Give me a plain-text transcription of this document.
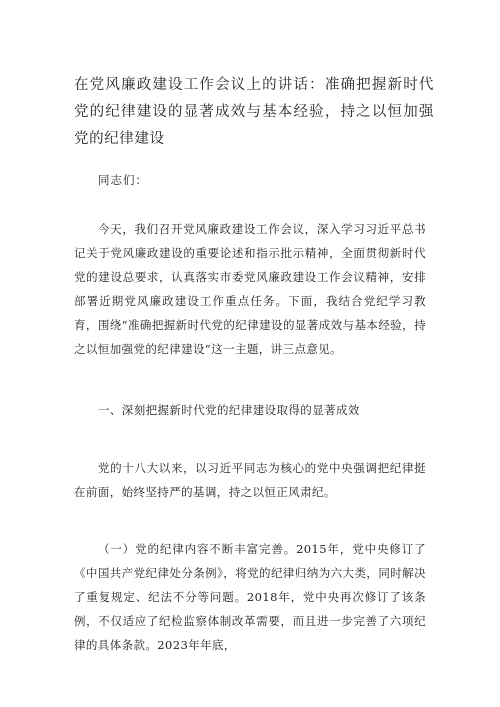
在党风廉政建设工作会议上的讲话：准确把握新时代党的纪律建设的显著成效与基本经验，持之以恒加强党的纪律建设
同志们：
今天，我们召开党风廉政建设工作会议，深入学习习近平总书记关于党风廉政建设的重要论述和指示批示精神，全面贯彻新时代党的建设总要求，认真落实市委党风廉政建设工作会议精神，安排部署近期党风廉政建设工作重点任务。下面，我结合党纪学习教育，围绕“准确把握新时代党的纪律建设的显著成效与基本经验，持之以恒加强党的纪律建设”这一主题，讲三点意见。
一、深刻把握新时代党的纪律建设取得的显著成效
党的十八大以来，以习近平同志为核心的党中央强调把纪律挺在前面，始终坚持严的基调，持之以恒正风肃纪。
（一）党的纪律内容不断丰富完善。2015年，党中央修订了《中国共产党纪律处分条例》，将党的纪律归纳为六大类，同时解决了重复规定、纪法不分等问题。2018年，党中央再次修订了该条例，不仅适应了纪检监察体制改革需要，而且进一步完善了六项纪律的具体条款。2023年年底，
